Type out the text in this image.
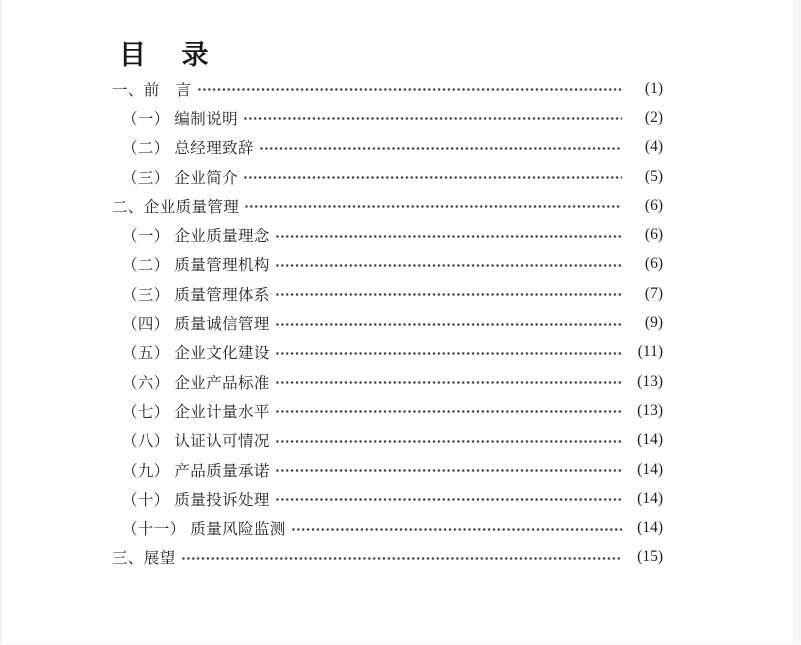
目 录
一、前　言	(1)
（一） 编制说明	(2)
（二） 总经理致辞	(4)
（三） 企业简介	(5)
二、企业质量管理	(6)
（一） 企业质量理念	(6)
（二） 质量管理机构	(6)
（三） 质量管理体系	(7)
（四） 质量诚信管理	(9)
（五） 企业文化建设	(11)
（六） 企业产品标准	(13)
（七） 企业计量水平	(13)
（八） 认证认可情况	(14)
（九） 产品质量承诺	(14)
（十） 质量投诉处理	(14)
（十一） 质量风险监测	(14)
三、展望	(15)
